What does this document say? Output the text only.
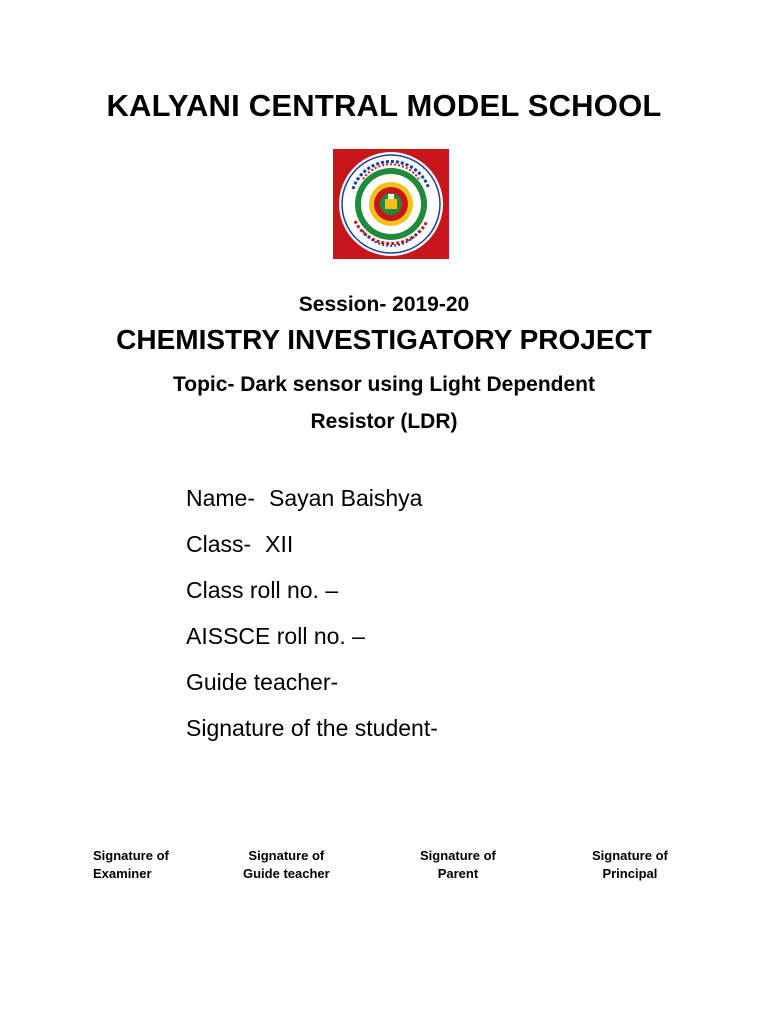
KALYANI CENTRAL MODEL SCHOOL
Session- 2019-20
CHEMISTRY INVESTIGATORY PROJECT
Topic- Dark sensor using Light Dependent
Resistor (LDR)
Name- Sayan Baishya
Class- XII
Class roll no. –
AISSCE roll no. –
Guide teacher-
Signature of the student-
Signature of
Examiner
Signature of
Guide teacher
Signature of
Parent
Signature of
Principal
